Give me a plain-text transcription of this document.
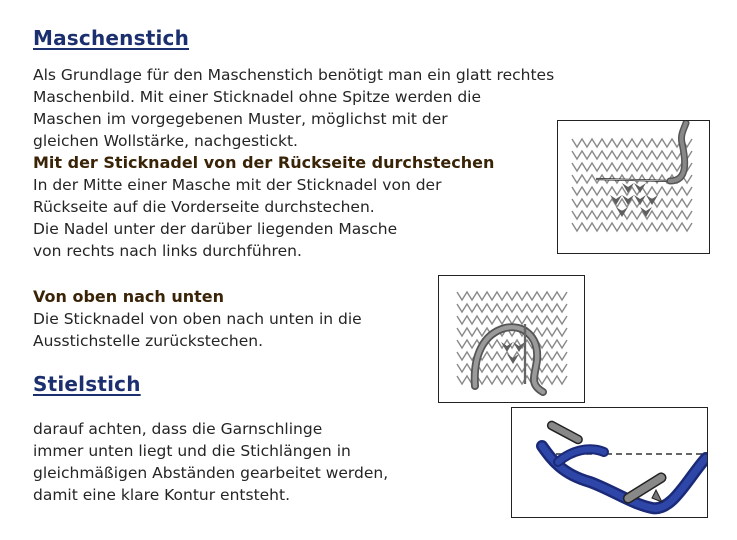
Maschenstich
Als Grundlage für den Maschenstich benötigt man ein glatt rechtes
Maschenbild. Mit einer Sticknadel ohne Spitze werden die
Maschen im vorgegebenen Muster, möglichst mit der
gleichen Wollstärke, nachgestickt.
Mit der Sticknadel von der Rückseite durchstechen
In der Mitte einer Masche mit der Sticknadel von der
Rückseite auf die Vorderseite durchstechen.
Die Nadel unter der darüber liegenden Masche
von rechts nach links durchführen.
Von oben nach unten
Die Sticknadel von oben nach unten in die
Ausstichstelle zurückstechen.
Stielstich
darauf achten, dass die Garnschlinge
immer unten liegt und die Stichlängen in
gleichmäßigen Abständen gearbeitet werden,
damit eine klare Kontur entsteht.
